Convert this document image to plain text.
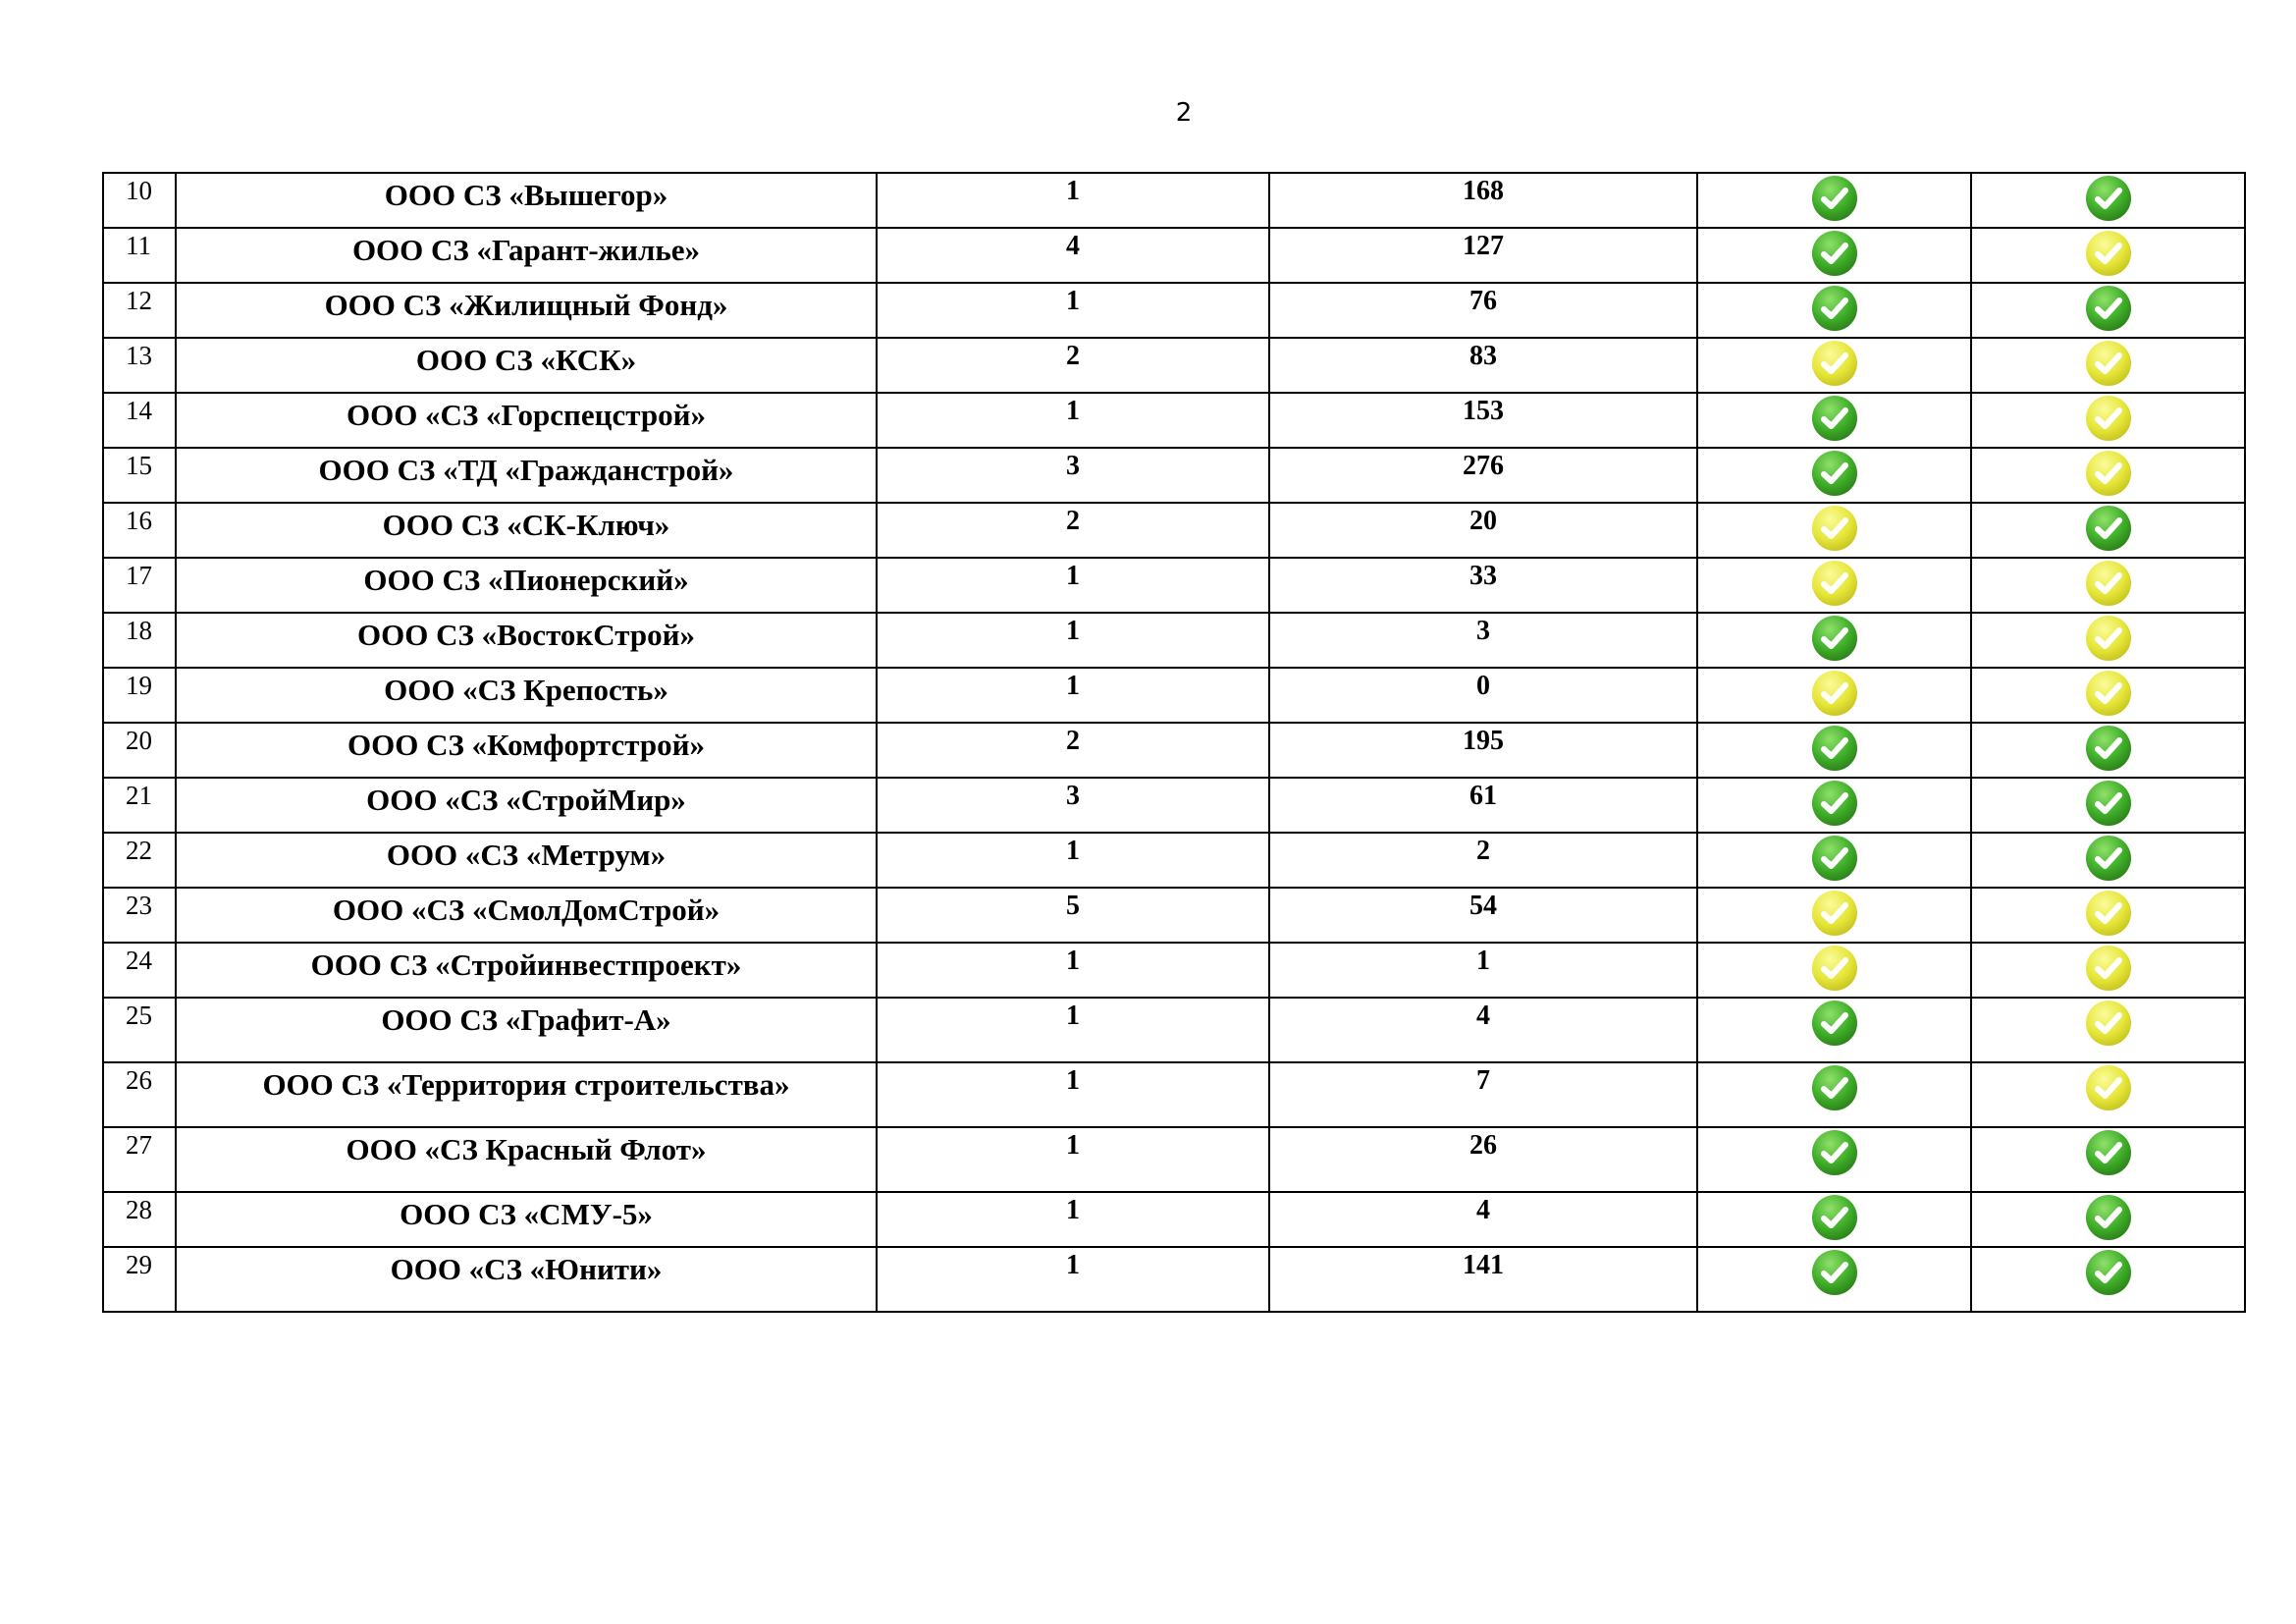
2
10	ООО СЗ «Вышегор»	1	168	

11	ООО СЗ «Гарант-жилье»	4	127	

12	ООО СЗ «Жилищный Фонд»	1	76	

13	ООО СЗ «КСК»	2	83	

14	ООО «СЗ «Горспецстрой»	1	153	

15	ООО СЗ «ТД «Гражданстрой»	3	276	

16	ООО СЗ «СК-Ключ»	2	20	

17	ООО СЗ «Пионерский»	1	33	

18	ООО СЗ «ВостокСтрой»	1	3	

19	ООО «СЗ Крепость»	1	0	

20	ООО СЗ «Комфортстрой»	2	195	

21	ООО «СЗ «СтройМир»	3	61	

22	ООО «СЗ «Метрум»	1	2	

23	ООО «СЗ «СмолДомСтрой»	5	54	

24	ООО СЗ «Стройинвестпроект»	1	1	

25	ООО СЗ «Графит-А»	1	4	

26	ООО СЗ «Территория строительства»	1	7	

27	ООО «СЗ Красный Флот»	1	26	

28	ООО СЗ «СМУ-5»	1	4	

29	ООО «СЗ «Юнити»	1	141	
